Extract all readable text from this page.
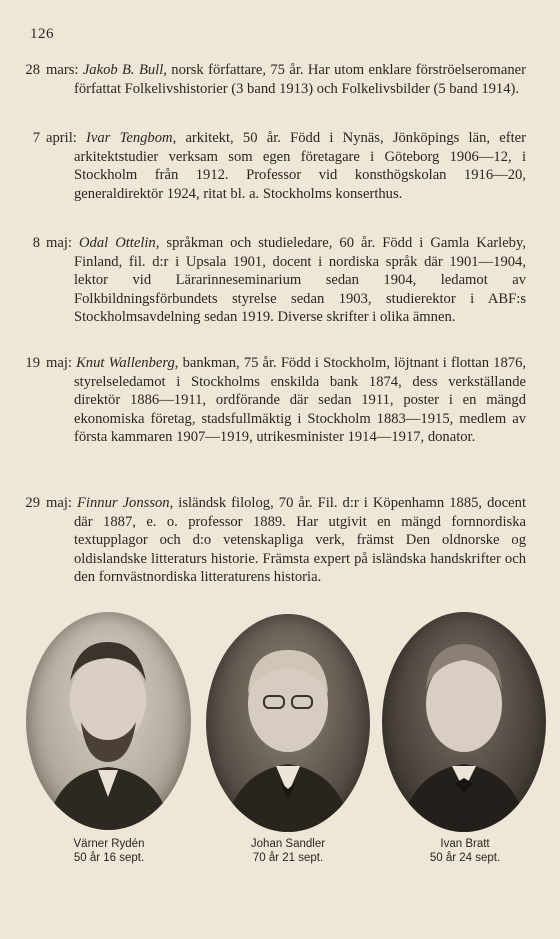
126
28 mars: Jakob B. Bull, norsk författare, 75 år. Har utom enklare förströelseromaner författat Folkelivshistorier (3 band 1913) och Folkelivsbilder (5 band 1914).
7 april: Ivar Tengbom, arkitekt, 50 år. Född i Nynäs, Jönköpings län, efter arkitektstudier verksam som egen företagare i Göteborg 1906—12, i Stockholm från 1912. Professor vid konsthögskolan 1916—20, generaldirektör 1924, ritat bl. a. Stockholms konserthus.
8 maj: Odal Ottelin, språkman och studieledare, 60 år. Född i Gamla Karleby, Finland, fil. d:r i Upsala 1901, docent i nordiska språk där 1901—1904, lektor vid Lärarinneseminarium sedan 1904, ledamot av Folkbildningsförbundets styrelse sedan 1903, studierektor i ABF:s Stockholmsavdelning sedan 1919. Diverse skrifter i olika ämnen.
19 maj: Knut Wallenberg, bankman, 75 år. Född i Stockholm, löjtnant i flottan 1876, styrelseledamot i Stockholms enskilda bank 1874, dess verkställande direktör 1886—1911, ordförande där sedan 1911, poster i en mängd ekonomiska företag, stadsfullmäktig i Stockholm 1883—1915, medlem av första kammaren 1907—1919, utrikesminister 1914—1917, donator.
29 maj: Finnur Jonsson, isländsk filolog, 70 år. Fil. d:r i Köpenhamn 1885, docent där 1887, e. o. professor 1889. Har utgivit en mängd fornnordiska textupplagor och d:o vetenskapliga verk, främst Den oldnorske og oldislandske litteraturs historie. Främsta expert på isländska handskrifter och den fornvästnordiska litteraturens historia.
Värner Rydén
50 år 16 sept.
Johan Sandler
70 år 21 sept.
Ivan Bratt
50 år 24 sept.
